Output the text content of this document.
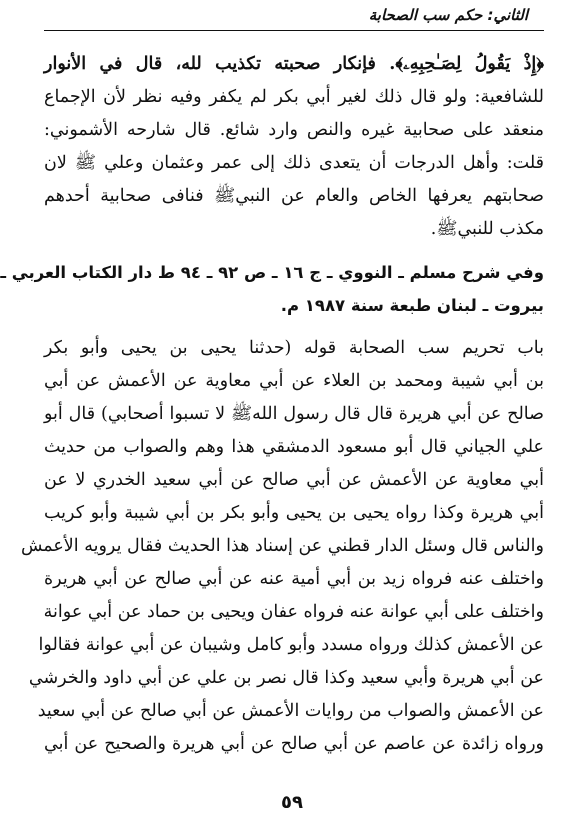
الثاني: حكم سب الصحابة
﴿إِذْ يَقُولُ لِصَـٰحِبِهِۦ﴾. فإنكار صحبته تكذيب لله، قال في الأنوار
للشافعية: ولو قال ذلك لغير أبي بكر لم يكفر وفيه نظر لأن الإجماع
منعقد على صحابية غيره والنص وارد شائع. قال شارحه الأشموني:
قلت: وأهل الدرجات أن يتعدى ذلك إلى عمر وعثمان وعلي ﷺ لان
صحابتهم يعرفها الخاص والعام عن النبيﷺ فنافى صحابية أحدهم
مكذب للنبيﷺ.
وفي شرح مسلم ـ النووي ـ ج ١٦ ـ ص ٩٢ ـ ٩٤ ط دار الكتاب العربي ـ
بيروت ـ لبنان طبعة سنة ١٩٨٧ م.
باب تحريم سب الصحابة قوله (حدثنا يحيى بن يحيى وأبو بكر
بن أبي شيبة ومحمد بن العلاء عن أبي معاوية عن الأعمش عن أبي
صالح عن أبي هريرة قال قال رسول اللهﷺ لا تسبوا أصحابي) قال أبو
علي الجياني قال أبو مسعود الدمشقي هذا وهم والصواب من حديث
أبي معاوية عن الأعمش عن أبي صالح عن أبي سعيد الخدري لا عن
أبي هريرة وكذا رواه يحيى بن يحيى وأبو بكر بن أبي شيبة وأبو كريب
والناس قال وسئل الدار قطني عن إسناد هذا الحديث فقال يرويه الأعمش
واختلف عنه فرواه زيد بن أبي أمية عنه عن أبي صالح عن أبي هريرة
واختلف على أبي عوانة عنه فرواه عفان ويحيى بن حماد عن أبي عوانة
عن الأعمش كذلك ورواه مسدد وأبو كامل وشيبان عن أبي عوانة فقالوا
عن أبي هريرة وأبي سعيد وكذا قال نصر بن علي عن أبي داود والخرشي
عن الأعمش والصواب من روايات الأعمش عن أبي صالح عن أبي سعيد
ورواه زائدة عن عاصم عن أبي صالح عن أبي هريرة والصحيح عن أبي
٥٩
